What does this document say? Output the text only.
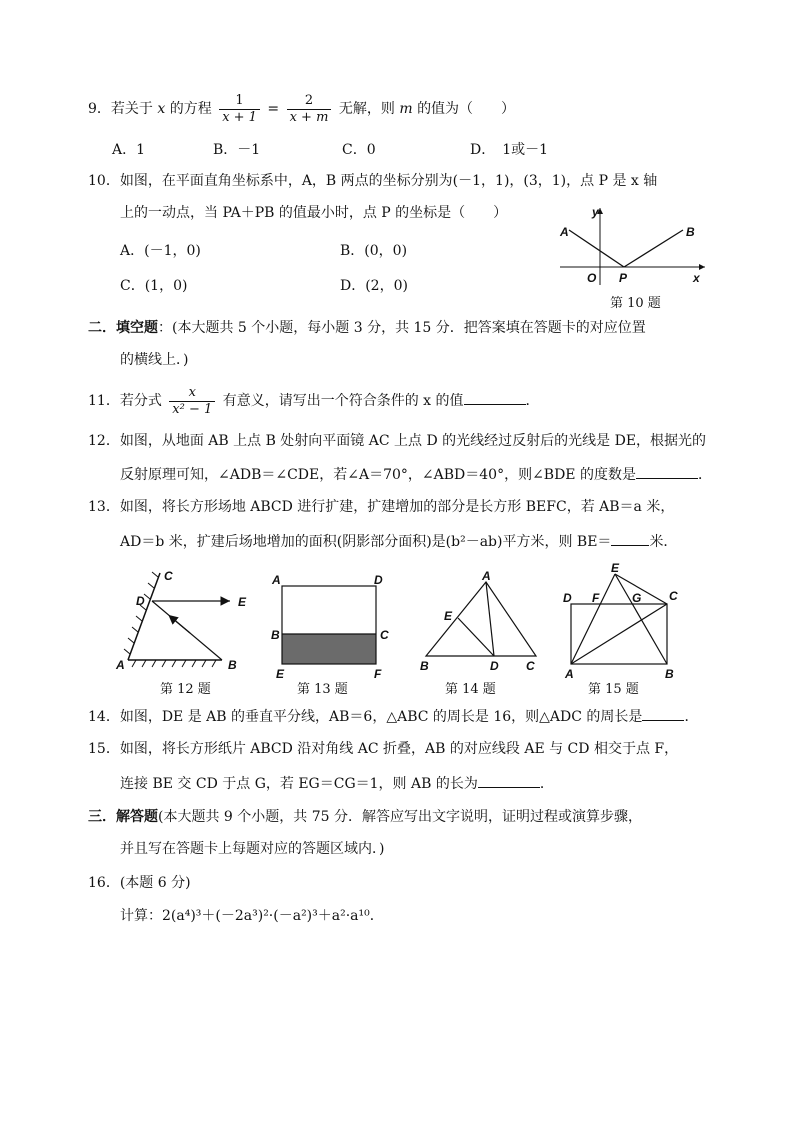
9．若关于 x 的方程 $\frac{1}{x + 1} = \frac{2}{x + m}$ 无解，则 m 的值为（　　）
A．1	B．－1	C．0	D．　1或－1
10．如图，在平面直角坐标系中，A，B 两点的坐标分别为(－1，1)，(3，1)，点 P 是 x 轴
上的一动点，当 PA＋PB 的值最小时，点 P 的坐标是（　　）
A．(－1，0)	B．(0，0)
C．(1，0)	D．(2，0)
y
A	B
O P	x
第 10 题
二．填空题：(本大题共 5 个小题，每小题 3 分，共 15 分．把答案填在答题卡的对应位置
的横线上．)
11．若分式 $\frac{x}{\text{x² − 1}}$ 有意义，请写出一个符合条件的 x 的值	．
12．如图，从地面 AB 上点 B 处射向平面镜 AC 上点 D 的光线经过反射后的光线是 DE，根据光的
反射原理可知，∠ADB＝∠CDE，若∠A＝70°，∠ABD＝40°，则∠BDE 的度数是	．
13．如图，将长方形场地 ABCD 进行扩建，扩建增加的部分是长方形 BEFC，若 AB＝a 米，
AD＝b 米，扩建后场地增加的面积(阴影部分面积)是(b²－ab)平方米，则 BE＝	米．
C
D	E
A	B
第 12 题
A	D
B	C
E	F
第 13 题
A
E
B	D C
第 14 题
E
D F	G C
A	B
第 15 题
14．如图，DE 是 AB 的垂直平分线，AB＝6，△ABC 的周长是 16，则△ADC 的周长是	．
15．如图，将长方形纸片 ABCD 沿对角线 AC 折叠，AB 的对应线段 AE 与 CD 相交于点 F，
连接 BE 交 CD 于点 G，若 EG＝CG＝1，则 AB 的长为	．
三．解答题(本大题共 9 个小题，共 75 分．解答应写出文字说明，证明过程或演算步骤，
并且写在答题卡上每题对应的答题区域内．)
16．(本题 6 分)
计算：2(a⁴)³＋(－2a³)²·(－a²)³＋a²·a¹⁰．
